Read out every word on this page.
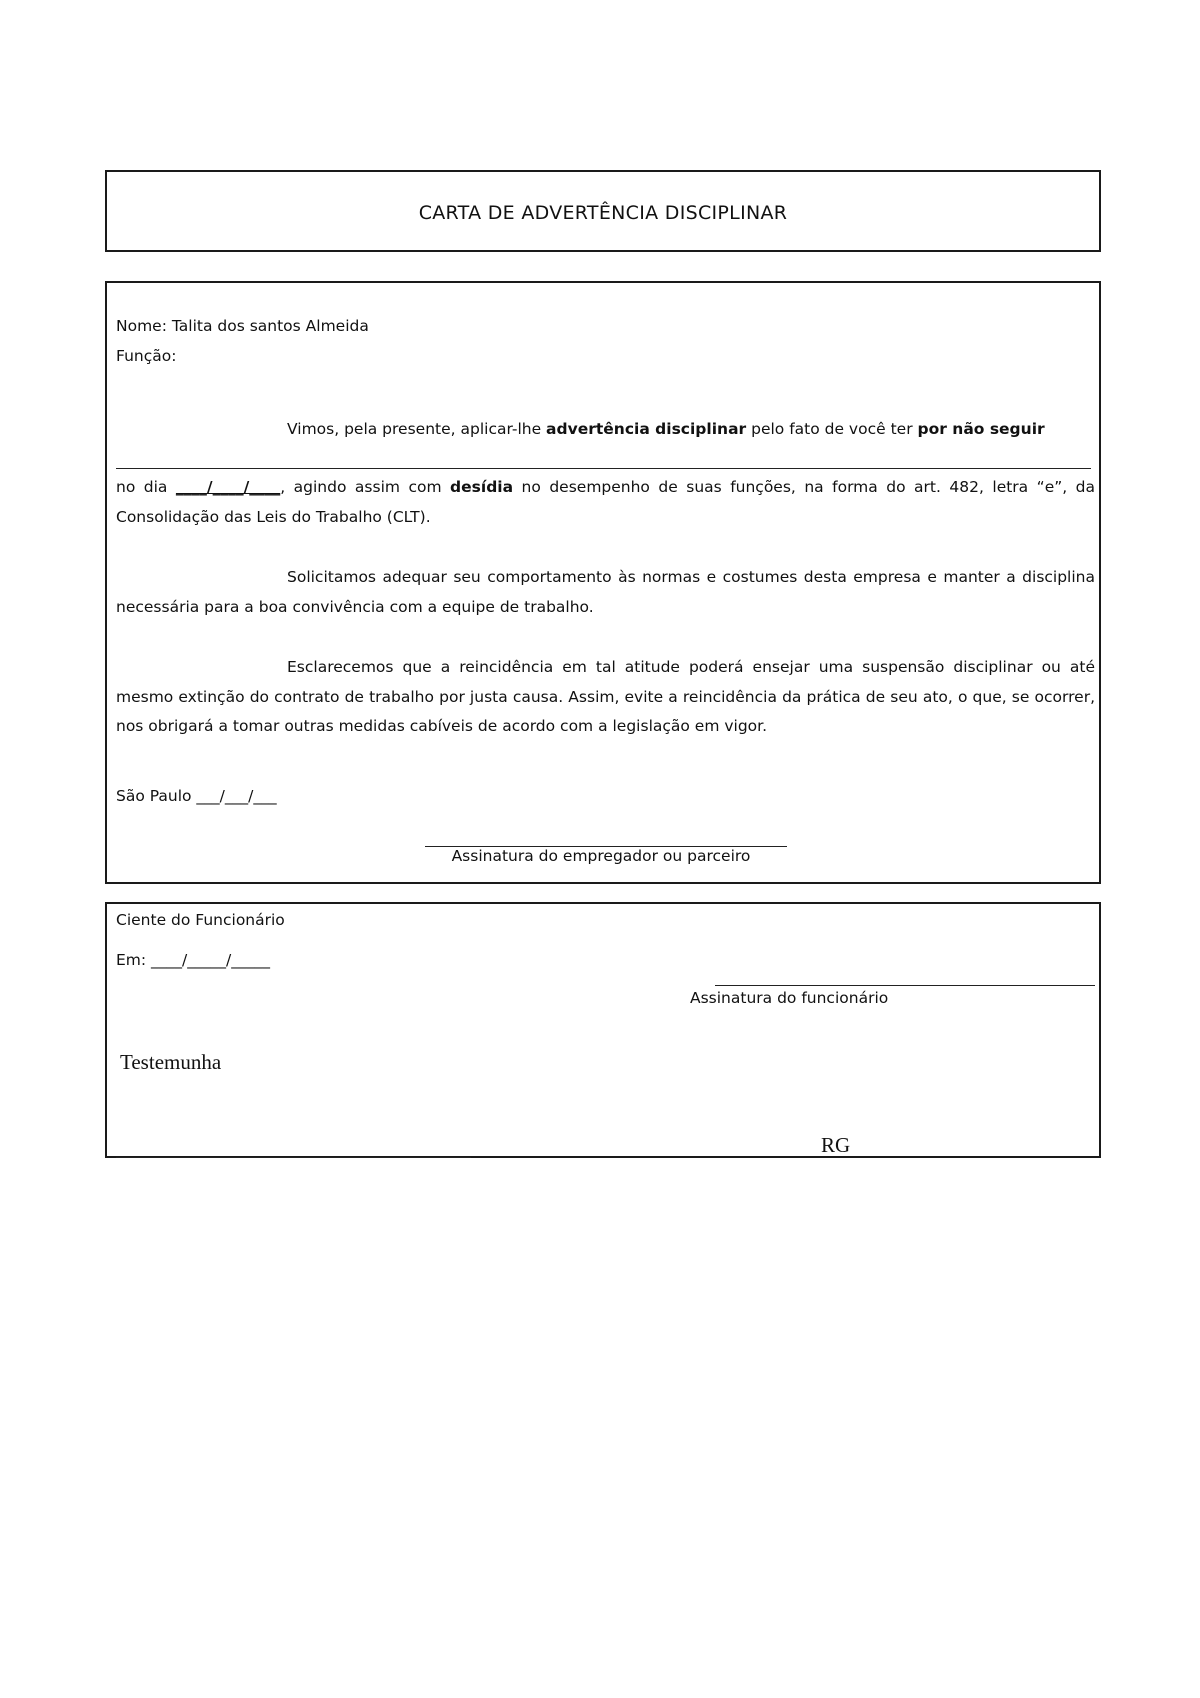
CARTA DE ADVERTÊNCIA DISCIPLINAR
Nome: Talita dos santos Almeida
Função:
Vimos, pela presente, aplicar-lhe advertência disciplinar pelo fato de você ter por não seguir
no dia ____/____/____, agindo assim com desídia no desempenho de suas funções, na forma do art. 482, letra “e”, da Consolidação das Leis do Trabalho (CLT).
Solicitamos adequar seu comportamento às normas e costumes desta empresa e manter a disciplina necessária para a boa convivência com a equipe de trabalho.
Esclarecemos que a reincidência em tal atitude poderá ensejar uma suspensão disciplinar ou até mesmo extinção do contrato de trabalho por justa causa. Assim, evite a reincidência da prática de seu ato, o que, se ocorrer, nos obrigará a tomar outras medidas cabíveis de acordo com a legislação em vigor.
São Paulo ___/___/___
Assinatura do empregador ou parceiro
Ciente do Funcionário
Em: ____/_____/_____
Assinatura do funcionário
Testemunha
RG
